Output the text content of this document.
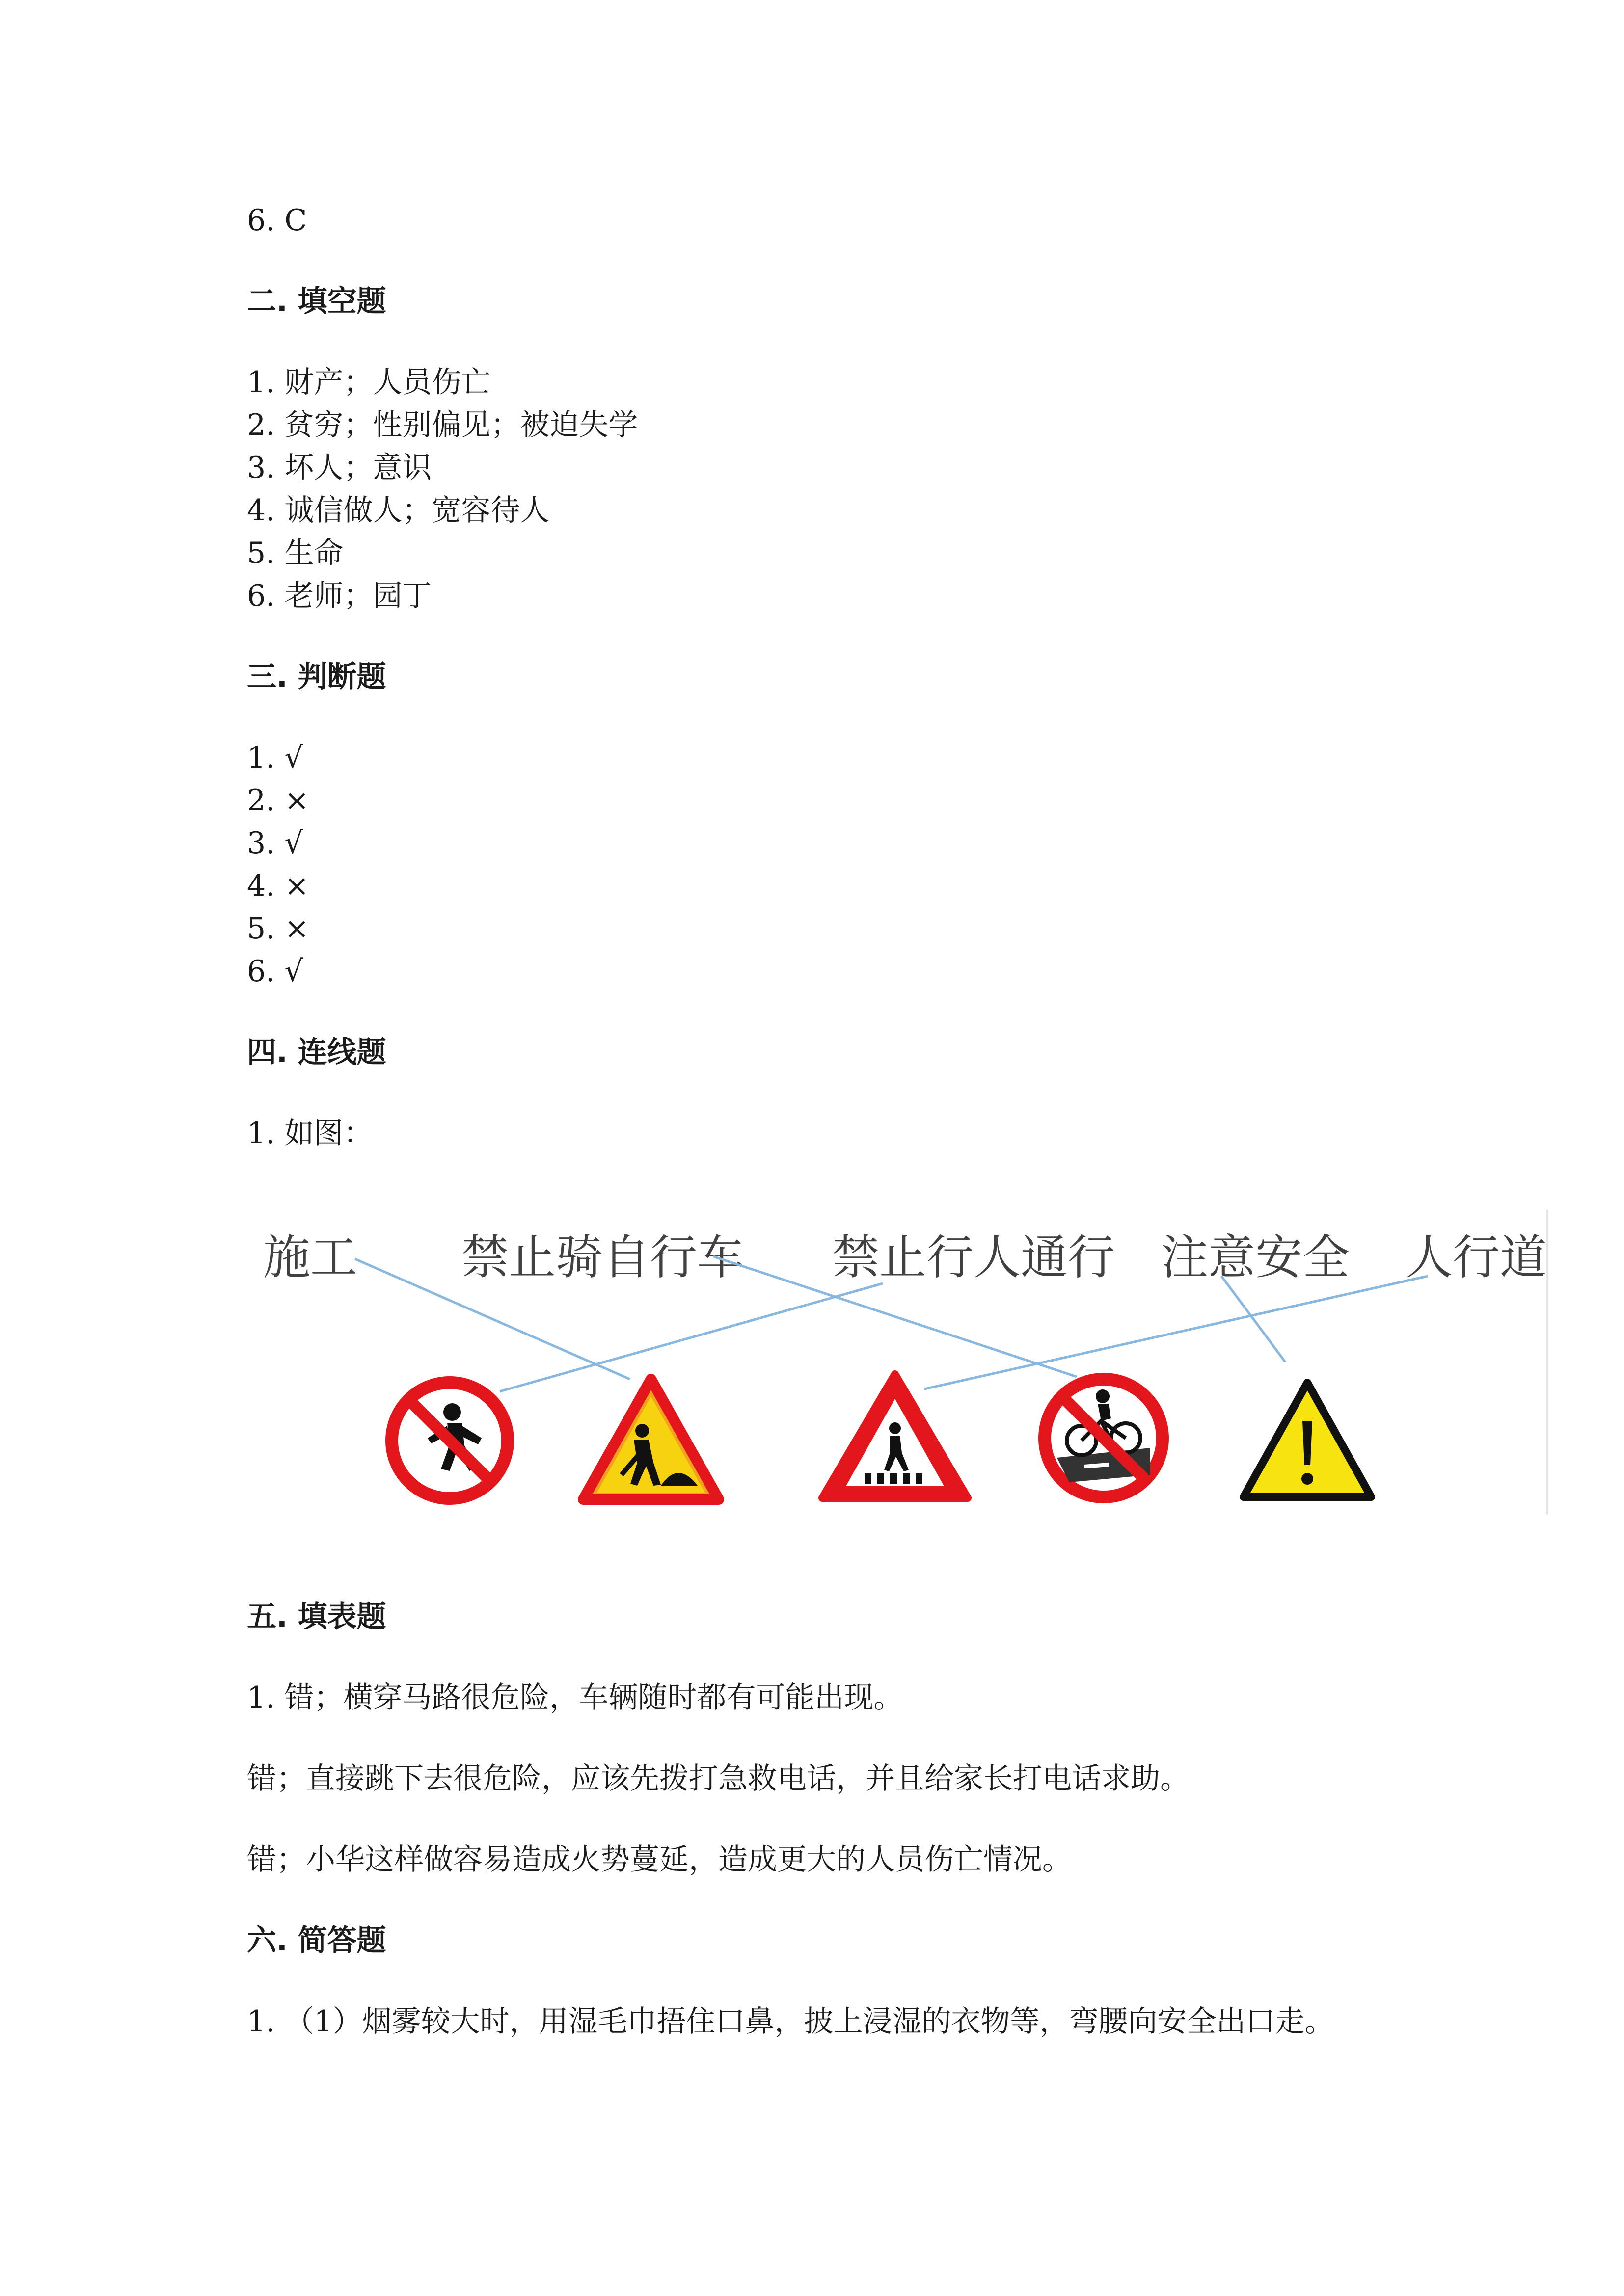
6. C
二. 填空题
1. 财产；人员伤亡
2. 贫穷；性别偏见；被迫失学
3. 坏人；意识
4. 诚信做人；宽容待人
5. 生命
6. 老师；园丁
三. 判断题
1. √
2. ×
3. √
4. ×
5. ×
6. √
四. 连线题
1. 如图：
施工 禁止骑自行车 禁止行人通行 注意安全 人行道
五. 填表题
1. 错；横穿马路很危险，车辆随时都有可能出现。
错；直接跳下去很危险，应该先拨打急救电话，并且给家长打电话求助。
错；小华这样做容易造成火势蔓延，造成更大的人员伤亡情况。
六. 简答题
1. （1）烟雾较大时，用湿毛巾捂住口鼻，披上浸湿的衣物等，弯腰向安全出口走。
